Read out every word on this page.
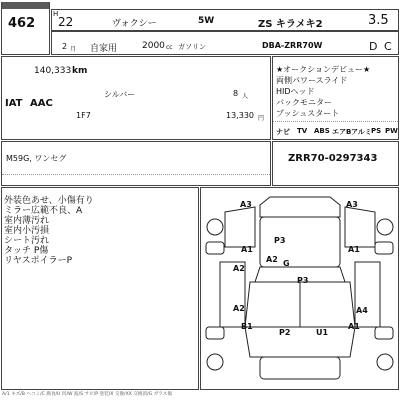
462
H
22	ヴォクシー	5W	ZS キラメキ2	3.5
2 月 自家用	2000 cc ガソリン	DBA-ZRR70W	D C
140,333 km
シルバー	8 人
IAT AAC
1F7	13,330 円
★オークションデビュー★
両側パワースライド
HIDヘッド
バックモニター
プッシュスタート
ナビ TV ABS エアB アルミ PS PW
M59G, ワンセグ	ZRR70-0297343
外装色あせ、小傷有り
ミラー広範不良、A
室内薄汚れ
室内小汚損
シート汚れ
タッチ P傷
リヤスポイラーP
A3	A3
P3
A1	A1
A2 G
A2
P3
A2	A4
B1	A1
P2	U1
A/1 キズ/B ヘコミ/C 腐食/U 凹/W 波/S サビ/P 塗装/X 交換/XX 交換済/G ガラス傷
